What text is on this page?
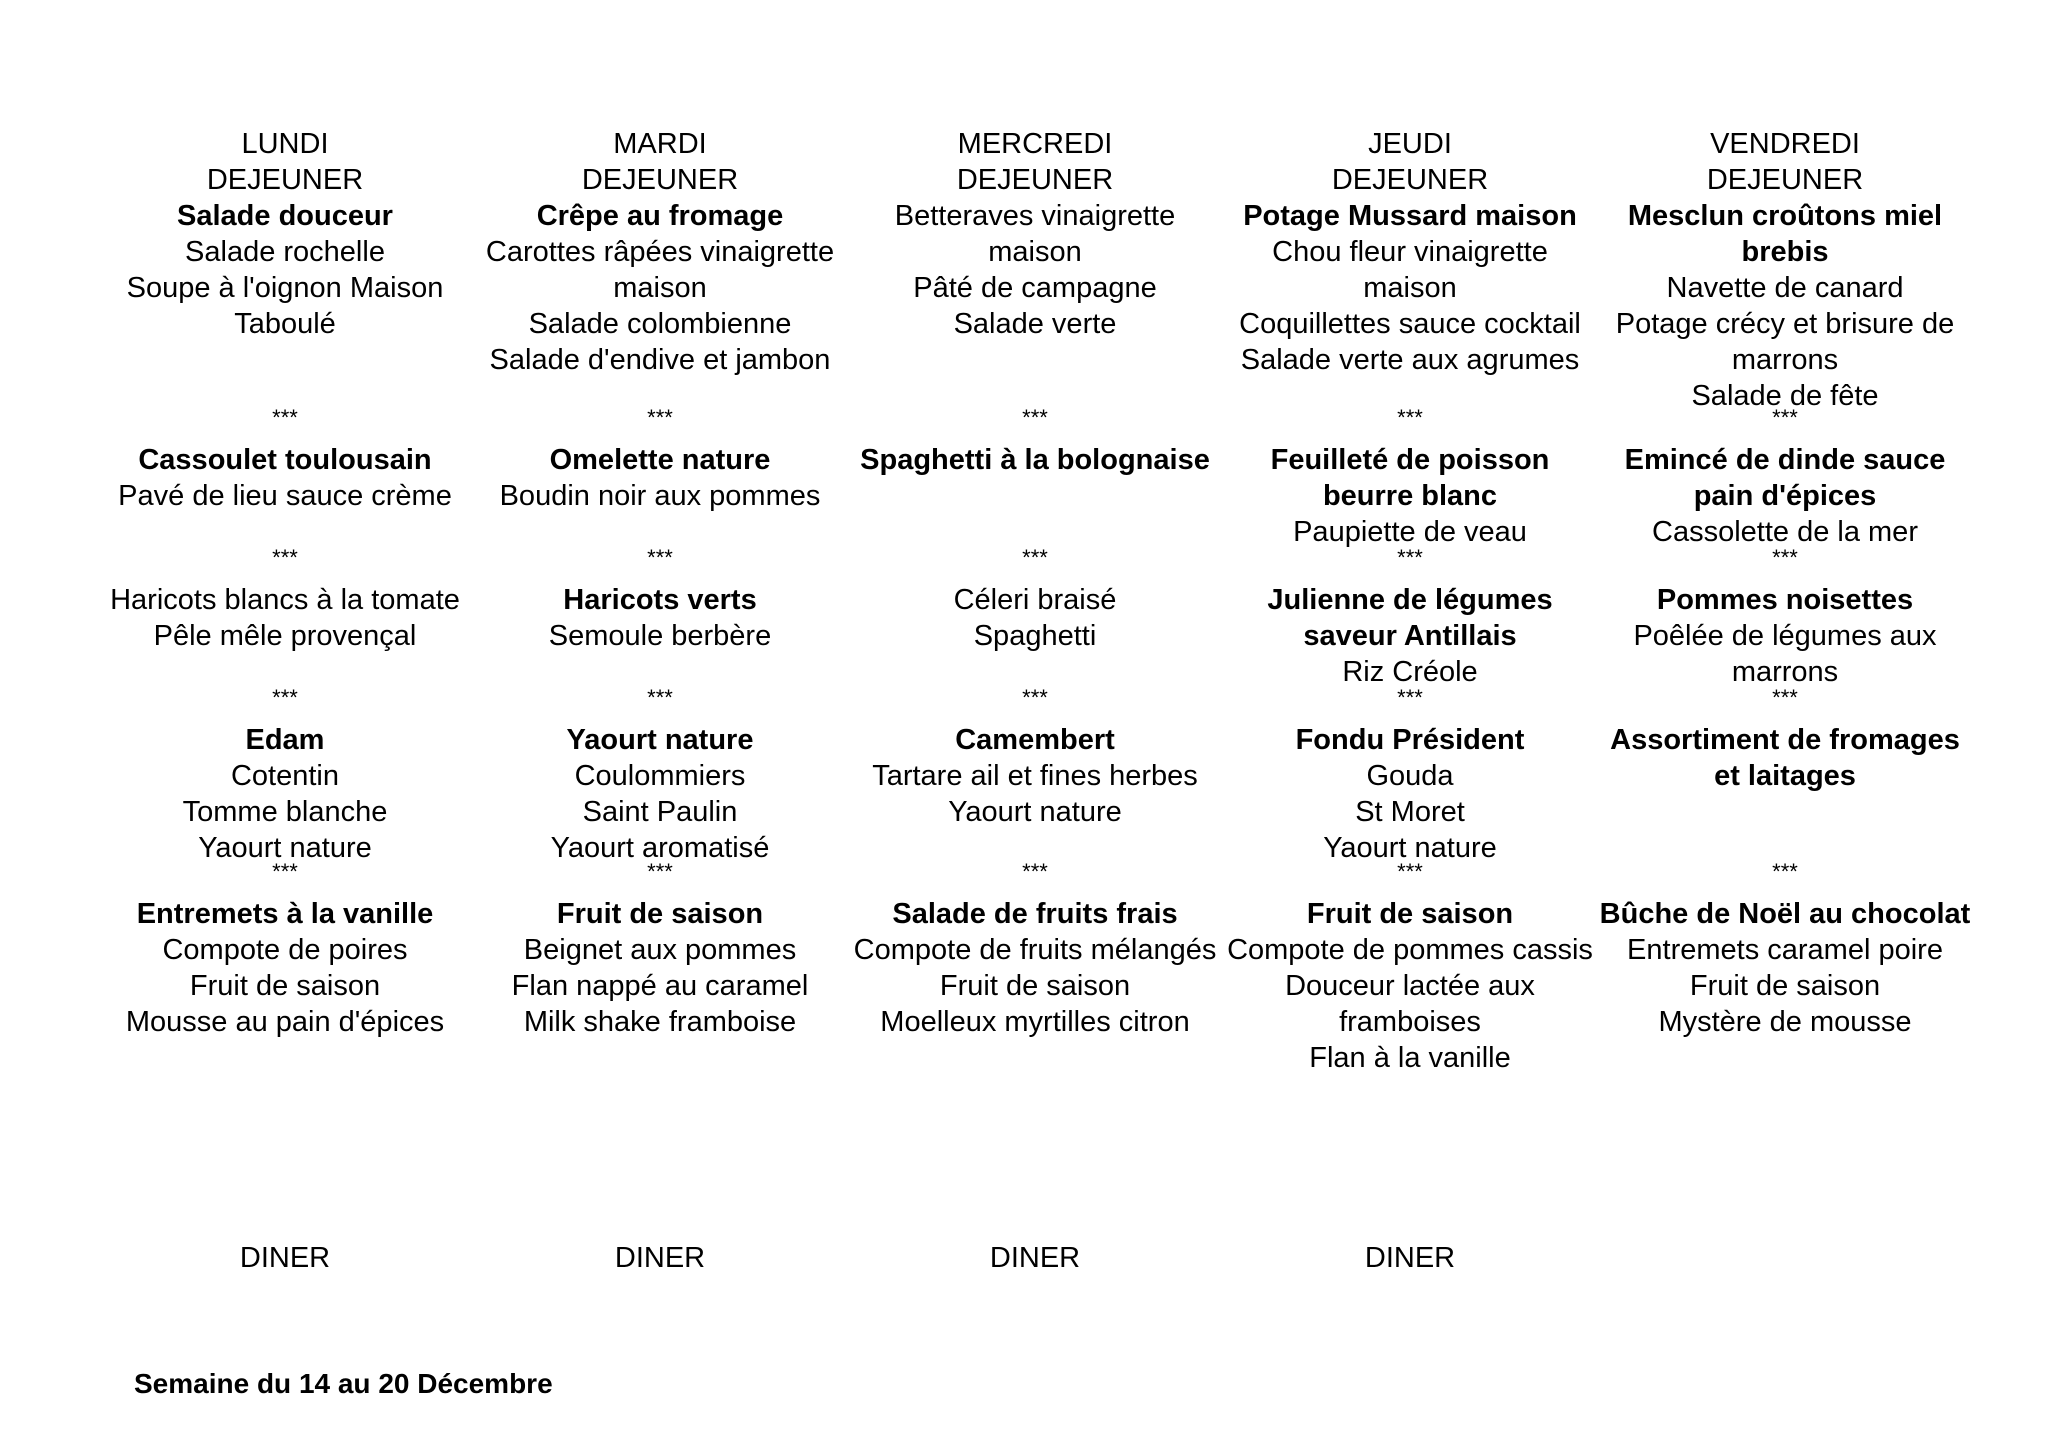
LUNDI
DEJEUNER
Salade douceur
Salade rochelle
Soupe à l'oignon Maison
Taboulé
***
Cassoulet toulousain
Pavé de lieu sauce crème
***
Haricots blancs à la tomate
Pêle mêle provençal
***
Edam
Cotentin
Tomme blanche
Yaourt nature
***
Entremets à la vanille
Compote de poires
Fruit de saison
Mousse au pain d'épices
DINER
MARDI
DEJEUNER
Crêpe au fromage
Carottes râpées vinaigrette maison
Salade colombienne
Salade d'endive et jambon
***
Omelette nature
Boudin noir aux pommes
***
Haricots verts
Semoule berbère
***
Yaourt nature
Coulommiers
Saint Paulin
Yaourt aromatisé
***
Fruit de saison
Beignet aux pommes
Flan nappé au caramel
Milk shake framboise
DINER
MERCREDI
DEJEUNER
Betteraves vinaigrette maison
Pâté de campagne
Salade verte
***
Spaghetti à la bolognaise
***
Céleri braisé
Spaghetti
***
Camembert
Tartare ail et fines herbes
Yaourt nature
***
Salade de fruits frais
Compote de fruits mélangés
Fruit de saison
Moelleux myrtilles citron
DINER
JEUDI
DEJEUNER
Potage Mussard maison
Chou fleur vinaigrette maison
Coquillettes sauce cocktail
Salade verte aux agrumes
***
Feuilleté de poisson beurre blanc
Paupiette de veau
***
Julienne de légumes saveur Antillais
Riz Créole
***
Fondu Président
Gouda
St Moret
Yaourt nature
***
Fruit de saison
Compote de pommes cassis
Douceur lactée aux framboises
Flan à la vanille
DINER
VENDREDI
DEJEUNER
Mesclun croûtons miel brebis
Navette de canard
Potage crécy et brisure de marrons
Salade de fête
***
Emincé de dinde sauce pain d'épices
Cassolette de la mer
***
Pommes noisettes
Poêlée de légumes aux marrons
***
Assortiment de fromages et laitages
***
Bûche de Noël au chocolat
Entremets caramel poire
Fruit de saison
Mystère de mousse
Semaine du 14 au 20 Décembre
